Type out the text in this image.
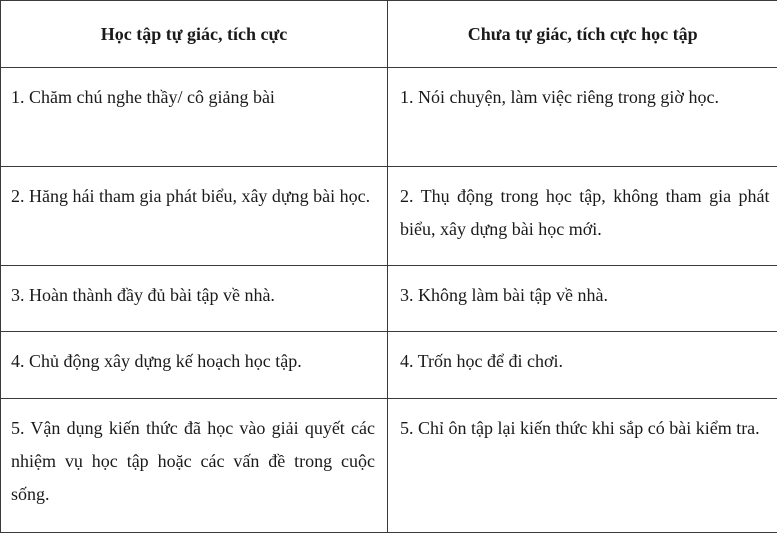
Học tập tự giác, tích cực	Chưa tự giác, tích cực học tập
1. Chăm chú nghe thầy/ cô giảng bài	1. Nói chuyện, làm việc riêng trong giờ học.
2. Hăng hái tham gia phát biểu, xây dựng bài học.	2. Thụ động trong học tập, không tham gia phát biểu, xây dựng bài học mới.
3. Hoàn thành đầy đủ bài tập về nhà.	3. Không làm bài tập về nhà.
4. Chủ động xây dựng kế hoạch học tập.	4. Trốn học để đi chơi.
5. Vận dụng kiến thức đã học vào giải quyết các nhiệm vụ học tập hoặc các vấn đề trong cuộc sống.	5. Chỉ ôn tập lại kiến thức khi sắp có bài kiểm tra.
